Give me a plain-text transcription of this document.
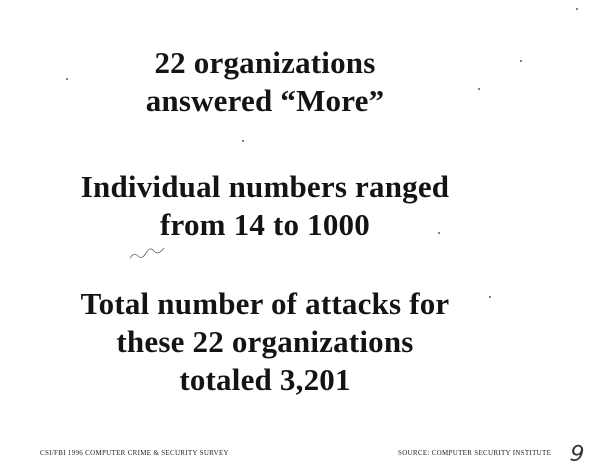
22 organizations
answered “More”
Individual numbers ranged
from 14 to 1000
Total number of attacks for
these 22 organizations
totaled 3,201
CSI/FBI 1996 COMPUTER CRIME & SECURITY SURVEY	SOURCE: COMPUTER SECURITY INSTITUTE 9
